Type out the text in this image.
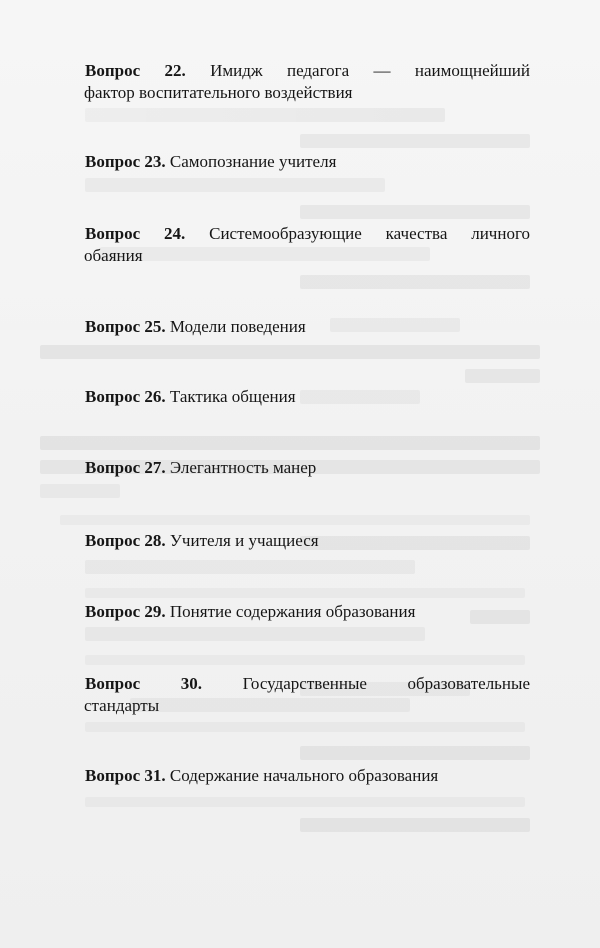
Вопрос 22. Имидж педагога — наимощнейший
фактор воспитательного воздействия
Вопрос 23. Самопознание учителя
Вопрос 24. Системообразующие качества личного
обаяния
Вопрос 25. Модели поведения
Вопрос 26. Тактика общения
Вопрос 27. Элегантность манер
Вопрос 28. Учителя и учащиеся
Вопрос 29. Понятие содержания образования
Вопрос 30. Государственные образовательные
стандарты
Вопрос 31. Содержание начального образования
